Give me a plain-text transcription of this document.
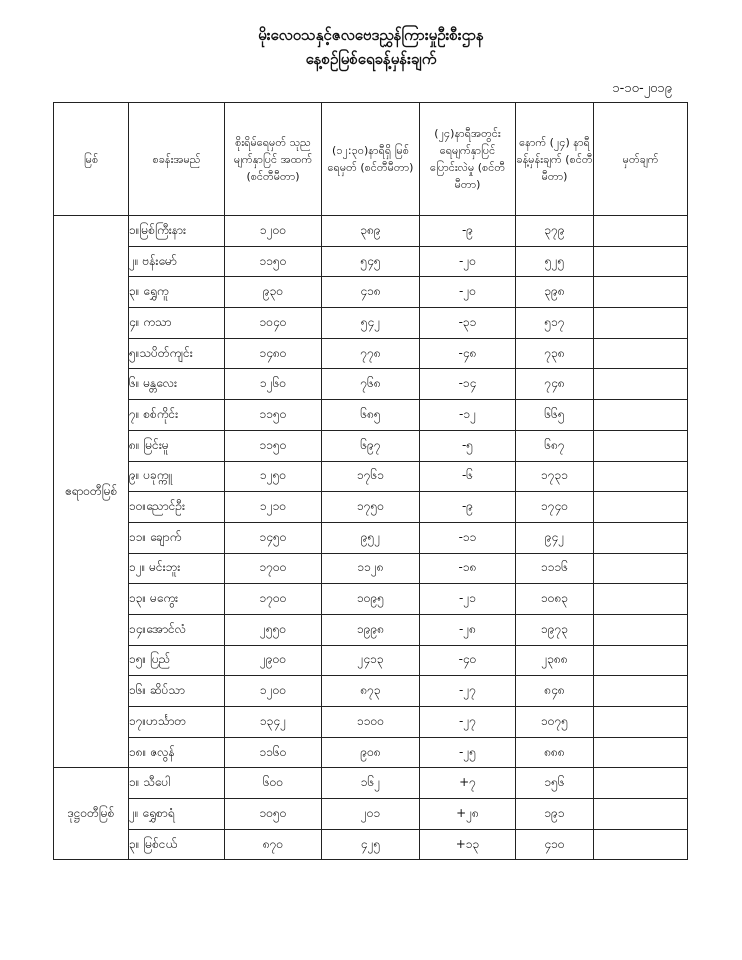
မိုးလေဝသနှင့်ဇလဗေဒညွှန်ကြားမှုဦးစီးဌာန
နေ့စဉ်မြစ်ရေခန့်မှန်းချက်
၁-၁၀-၂၀၁၉
မြစ်	စခန်းအမည်	စိုးရိမ်ရေမှတ် သုညမျက်နှာပြင် အထက် (စင်တီမီတာ)	(၁၂:၃၀)နာရီရှိ မြစ်ရေမှတ် (စင်တီမီတာ)	(၂၄)နာရီအတွင်း ရေမျက်နှာပြင် ပြောင်းလဲမှု (စင်တီမီတာ)	နောက် (၂၄) နာရီ ခန့်မှန်းချက် (စင်တီမီတာ)	မှတ်ချက်
ဧရာဝတီမြစ်	၁။မြစ်ကြီးနား	၁၂၀၀	၃၈၉	-၉	၃၇၉	
	၂။ ဗန်းမော်	၁၁၅၀	၅၄၅	-၂၀	၅၂၅	
	၃။ ရွှေကူ	၉၃၀	၄၁၈	-၂၀	၃၉၈	
	၄။ ကသာ	၁၀၄၀	၅၄၂	-၃၁	၅၁၇	
	၅။သပိတ်ကျင်း	၁၄၈၀	၇၇၈	-၄၈	၇၃၈	
	၆။ မန္တလေး	၁၂၆၀	၇၆၈	-၁၄	၇၄၈	
	၇။ စစ်ကိုင်း	၁၁၅၀	၆၈၅	-၁၂	၆၆၅	
	၈။ မြင်းမူ	၁၁၅၀	၆၉၇	-၅	၆၈၇	
	၉။ ပခုက္ကူ	၁၂၅၀	၁၇၆၁	-၆	၁၇၃၁	
	၁၀။ညောင်ဦး	၁၂၁၀	၁၇၅၀	-၉	၁၇၄၀	
	၁၁။ ချောက်	၁၄၅၀	၉၅၂	-၁၁	၉၄၂	
	၁၂။ မင်းဘူး	၁၇၀၀	၁၁၂၈	-၁၈	၁၁၁၆	
	၁၃။ မကွေး	၁၇၀၀	၁၀၉၅	-၂၁	၁၀၈၃	
	၁၄။အောင်လံ	၂၅၅၀	၁၉၉၈	-၂၈	၁၉၇၃	
	၁၅။ ပြည်	၂၉၀၀	၂၄၁၃	-၄၀	၂၃၈၈	
	၁၆။ ဆိပ်သာ	၁၂၀၀	၈၇၃	-၂၇	၈၄၈	
	၁၇။ဟင်္သာတ	၁၃၄၂	၁၁၀၀	-၂၇	၁၀၇၅	
	၁၈။ ဇလွန်	၁၁၆၀	၉၀၈	-၂၅	၈၈၈	
ဒုဋ္ဌဝတီမြစ်	၁။ သီပေါ	၆၀၀	၁၆၂	+၇	၁၅၆	
	၂။ ရွှေစာရံ	၁၀၅၀	၂၀၁	+၂၈	၁၉၁	
	၃။ မြစ်ငယ်	၈၇၀	၄၂၅	+၁၃	၄၁၀	
